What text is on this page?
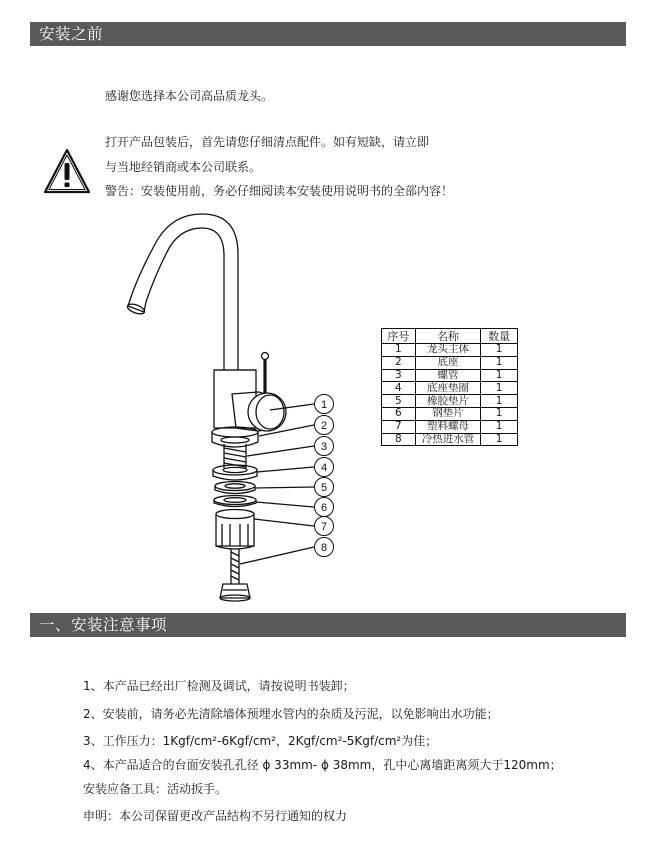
安装之前
感谢您选择本公司高品质龙头。
打开产品包装后，首先请您仔细清点配件。如有短缺，请立即
与当地经销商或本公司联系。
警告：安装使用前，务必仔细阅读本安装使用说明书的全部内容！
1
2
3
4
5
6
7
8
序号	名称	数量
1	龙头主体	1
2	底座	1
3	螺管	1
4	底座垫圈	1
5	橡胶垫片	1
6	钢垫片	1
7	塑料螺母	1
8	冷热进水管	1
一、安装注意事项
1、本产品已经出厂检测及调试，请按说明书装卸；
2、安装前，请务必先清除墙体预埋水管内的杂质及污泥，以免影响出水功能；
3、工作压力：1Kgf/cm²-6Kgf/cm²，2Kgf/cm²-5Kgf/cm²为佳；
4、本产品适合的台面安装孔孔径 ϕ 33mm- ϕ 38mm，孔中心离墙距离须大于120mm；
安装应备工具：活动扳手。
申明：本公司保留更改产品结构不另行通知的权力
